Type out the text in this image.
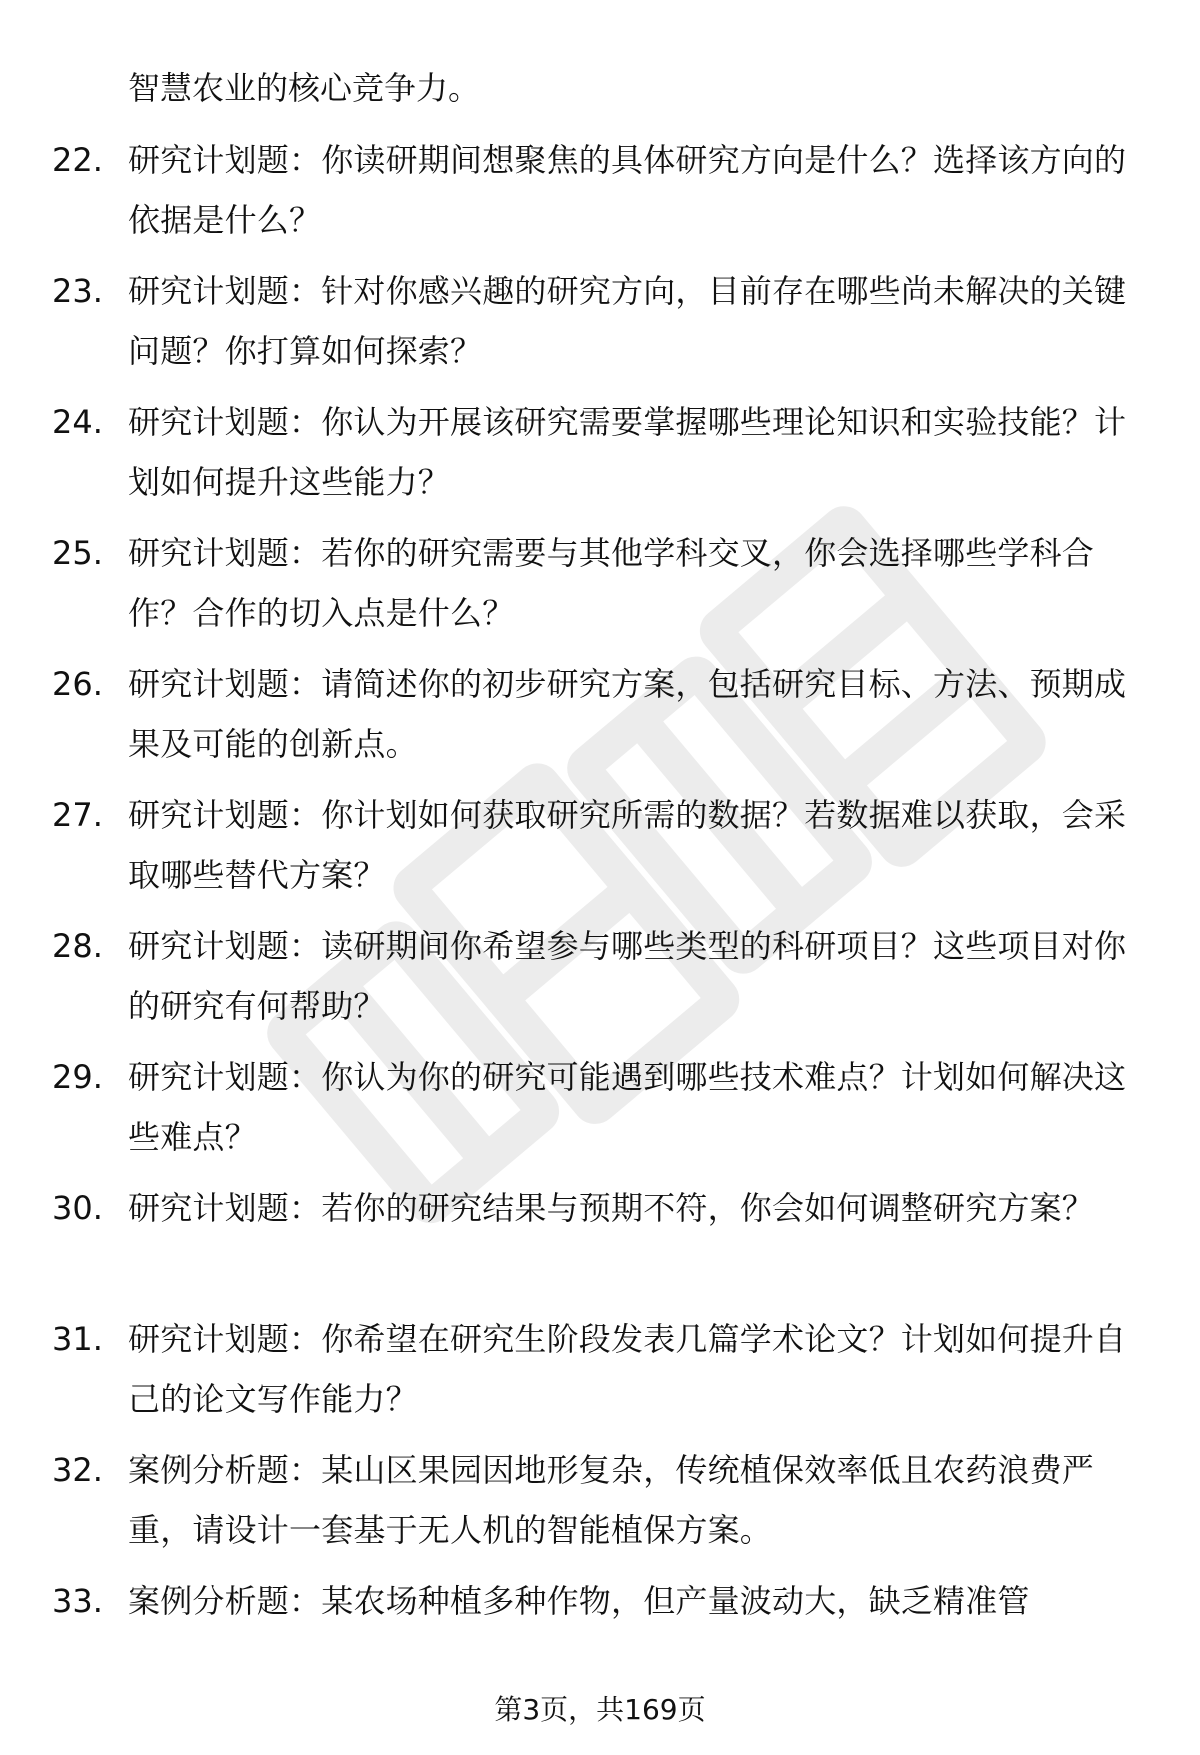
智慧农业的核心竞争力。
22. 研究计划题：你读研期间想聚焦的具体研究方向是什么？选择该方向的依据是什么？
23. 研究计划题：针对你感兴趣的研究方向，目前存在哪些尚未解决的关键问题？你打算如何探索？
24. 研究计划题：你认为开展该研究需要掌握哪些理论知识和实验技能？计划如何提升这些能力？
25. 研究计划题：若你的研究需要与其他学科交叉，你会选择哪些学科合作？合作的切入点是什么？
26. 研究计划题：请简述你的初步研究方案，包括研究目标、方法、预期成果及可能的创新点。
27. 研究计划题：你计划如何获取研究所需的数据？若数据难以获取，会采取哪些替代方案？
28. 研究计划题：读研期间你希望参与哪些类型的科研项目？这些项目对你的研究有何帮助？
29. 研究计划题：你认为你的研究可能遇到哪些技术难点？计划如何解决这些难点？
30. 研究计划题：若你的研究结果与预期不符，你会如何调整研究方案？
31. 研究计划题：你希望在研究生阶段发表几篇学术论文？计划如何提升自己的论文写作能力？
32. 案例分析题：某山区果园因地形复杂，传统植保效率低且农药浪费严重，请设计一套基于无人机的智能植保方案。
33. 案例分析题：某农场种植多种作物，但产量波动大，缺乏精准管
第3页，共169页
